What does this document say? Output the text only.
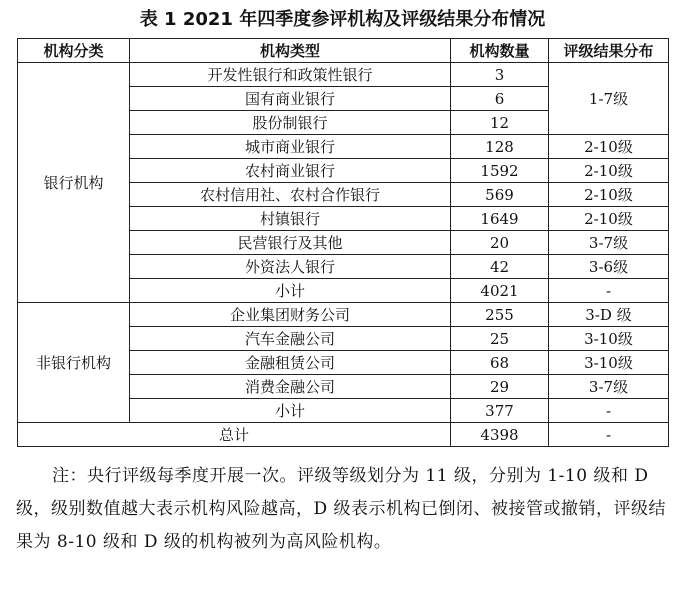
表 1 2021 年四季度参评机构及评级结果分布情况
机构分类	机构类型	机构数量	评级结果分布
银行机构	开发性银行和政策性银行	3	1-7级
	国有商业银行	6	
	股份制银行	12	
	城市商业银行	128	2-10级
	农村商业银行	1592	2-10级
	农村信用社、农村合作银行	569	2-10级
	村镇银行	1649	2-10级
	民营银行及其他	20	3-7级
	外资法人银行	42	3-6级
	小计	4021	-
非银行机构	企业集团财务公司	255	3-D 级
	汽车金融公司	25	3-10级
	金融租赁公司	68	3-10级
	消费金融公司	29	3-7级
	小计	377	-
总计		4398	-

注：央行评级每季度开展一次。评级等级划分为 11 级，分别为 1-10 级和 D 级，级别数值越大表示机构风险越高，D 级表示机构已倒闭、被接管或撤销，评级结果为 8-10 级和 D 级的机构被列为高风险机构。
